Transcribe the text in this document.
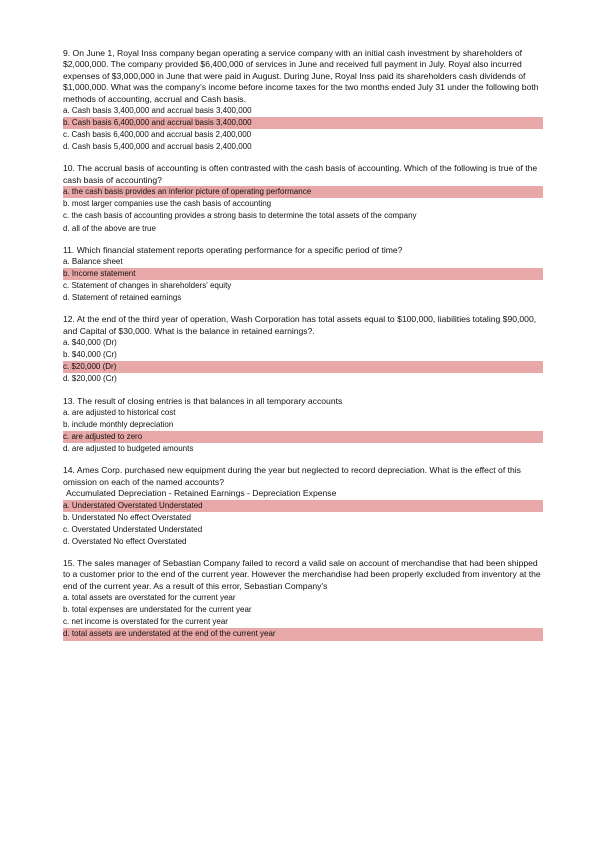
9. On June 1, Royal Inss company began operating a service company with an initial cash investment by shareholders of $2,000,000. The company provided $6,400,000 of services in June and received full payment in July. Royal also incurred expenses of $3,000,000 in June that were paid in August. During June, Royal Inss paid its shareholders cash dividends of $1,000,000. What was the company's income before income taxes for the two months ended July 31 under the following both methods of accounting, accrual and Cash basis.

a. Cash basis 3,400,000 and accrual basis 3,400,000
b. Cash basis 6,400,000 and accrual basis 3,400,000
c. Cash basis 6,400,000 and accrual basis 2,400,000
d. Cash basis 5,400,000 and accrual basis 2,400,000

10. The accrual basis of accounting is often contrasted with the cash basis of accounting. Which of the following is true of the cash basis of accounting?

a. the cash basis provides an inferior picture of operating performance
b. most larger companies use the cash basis of accounting
c. the cash basis of accounting provides a strong basis to determine the total assets of the company
d. all of the above are true

11. Which financial statement reports operating performance for a specific period of time?

a. Balance sheet
b. Income statement
c. Statement of changes in shareholders' equity
d. Statement of retained earnings

12. At the end of the third year of operation, Wash Corporation has total assets equal to $100,000, liabilities totaling $90,000, and Capital of $30,000. What is the balance in retained earnings?.

a. $40,000 (Dr)
b. $40,000 (Cr)
c. $20,000 (Dr)
d. $20,000 (Cr)

13. The result of closing entries is that balances in all temporary accounts

a. are adjusted to historical cost
b. include monthly depreciation
c. are adjusted to zero
d. are adjusted to budgeted amounts

14. Ames Corp. purchased new equipment during the year but neglected to record depreciation. What is the effect of this omission on each of the named accounts?

Accumulated Depreciation - Retained Earnings - Depreciation Expense

a. Understated Overstated Understated
b. Understated No effect Overstated
c. Overstated Understated Understated
d. Overstated No effect Overstated

15. The sales manager of Sebastian Company failed to record a valid sale on account of merchandise that had been shipped to a customer prior to the end of the current year. However the merchandise had been properly excluded from inventory at the end of the current year. As a result of this error, Sebastian Company's

a. total assets are overstated for the current year
b. total expenses are understated for the current year
c. net income is overstated for the current year
d. total assets are understated at the end of the current year
